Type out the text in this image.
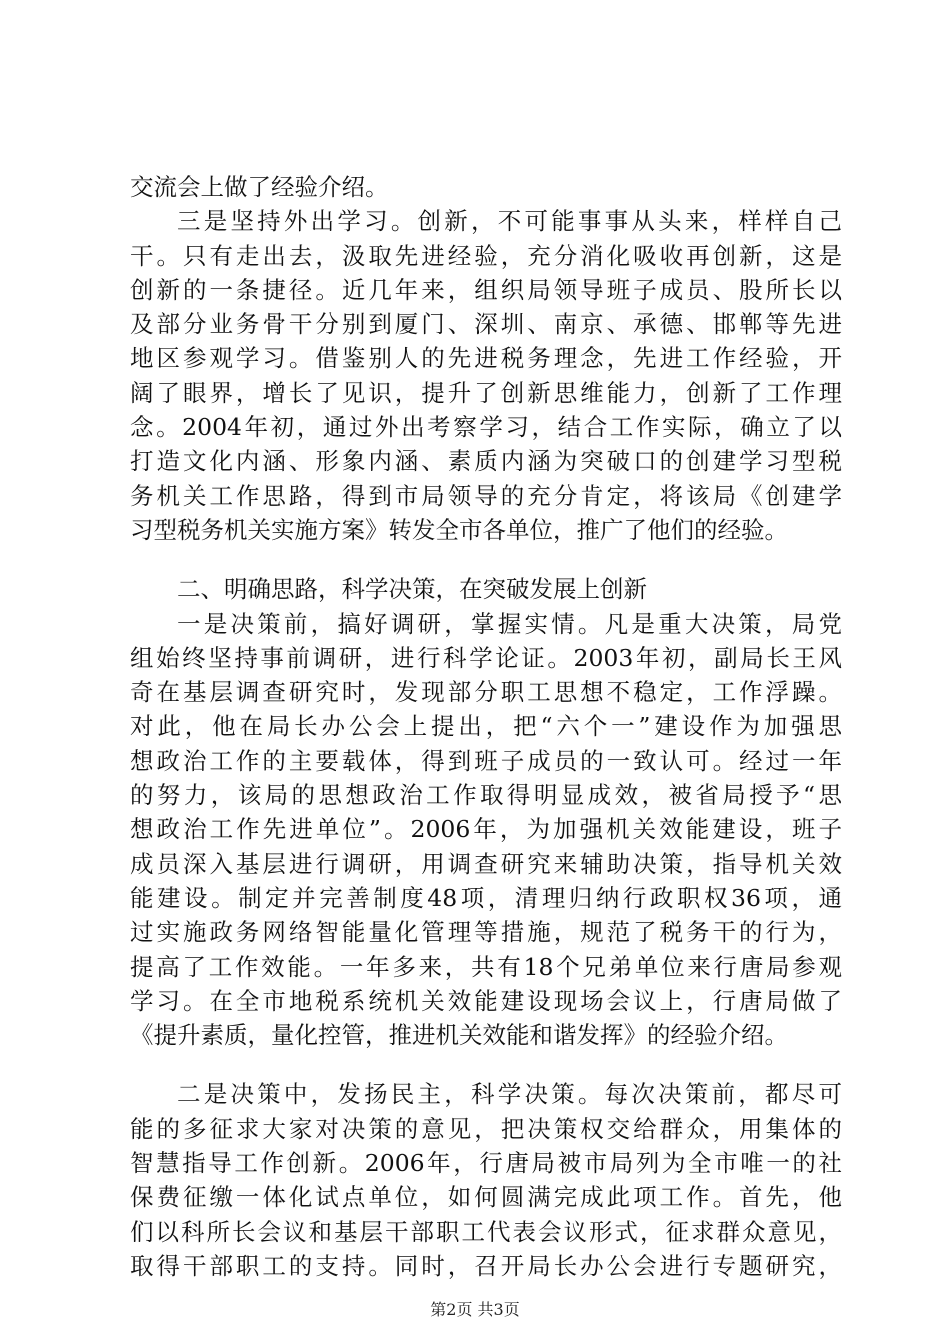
交流会上做了经验介绍。
三是坚持外出学习。创新，不可能事事从头来，样样自己
干。只有走出去，汲取先进经验，充分消化吸收再创新，这是
创新的一条捷径。近几年来，组织局领导班子成员、股所长以
及部分业务骨干分别到厦门、深圳、南京、承德、邯郸等先进
地区参观学习。借鉴别人的先进税务理念，先进工作经验，开
阔了眼界，增长了见识，提升了创新思维能力，创新了工作理
念。2004年初，通过外出考察学习，结合工作实际，确立了以
打造文化内涵、形象内涵、素质内涵为突破口的创建学习型税
务机关工作思路，得到市局领导的充分肯定，将该局《创建学
习型税务机关实施方案》转发全市各单位，推广了他们的经验。
二、明确思路，科学决策，在突破发展上创新
一是决策前，搞好调研，掌握实情。凡是重大决策，局党
组始终坚持事前调研，进行科学论证。2003年初，副局长王风
奇在基层调查研究时，发现部分职工思想不稳定，工作浮躁。
对此，他在局长办公会上提出，把“六个一”建设作为加强思
想政治工作的主要载体，得到班子成员的一致认可。经过一年
的努力，该局的思想政治工作取得明显成效，被省局授予“思
想政治工作先进单位”。2006年，为加强机关效能建设，班子
成员深入基层进行调研，用调查研究来辅助决策，指导机关效
能建设。制定并完善制度48项，清理归纳行政职权36项，通
过实施政务网络智能量化管理等措施，规范了税务干的行为，
提高了工作效能。一年多来，共有18个兄弟单位来行唐局参观
学习。在全市地税系统机关效能建设现场会议上，行唐局做了
《提升素质，量化控管，推进机关效能和谐发挥》的经验介绍。
二是决策中，发扬民主，科学决策。每次决策前，都尽可
能的多征求大家对决策的意见，把决策权交给群众，用集体的
智慧指导工作创新。2006年，行唐局被市局列为全市唯一的社
保费征缴一体化试点单位，如何圆满完成此项工作。首先，他
们以科所长会议和基层干部职工代表会议形式，征求群众意见，
取得干部职工的支持。同时，召开局长办公会进行专题研究，
第2页 共3页
